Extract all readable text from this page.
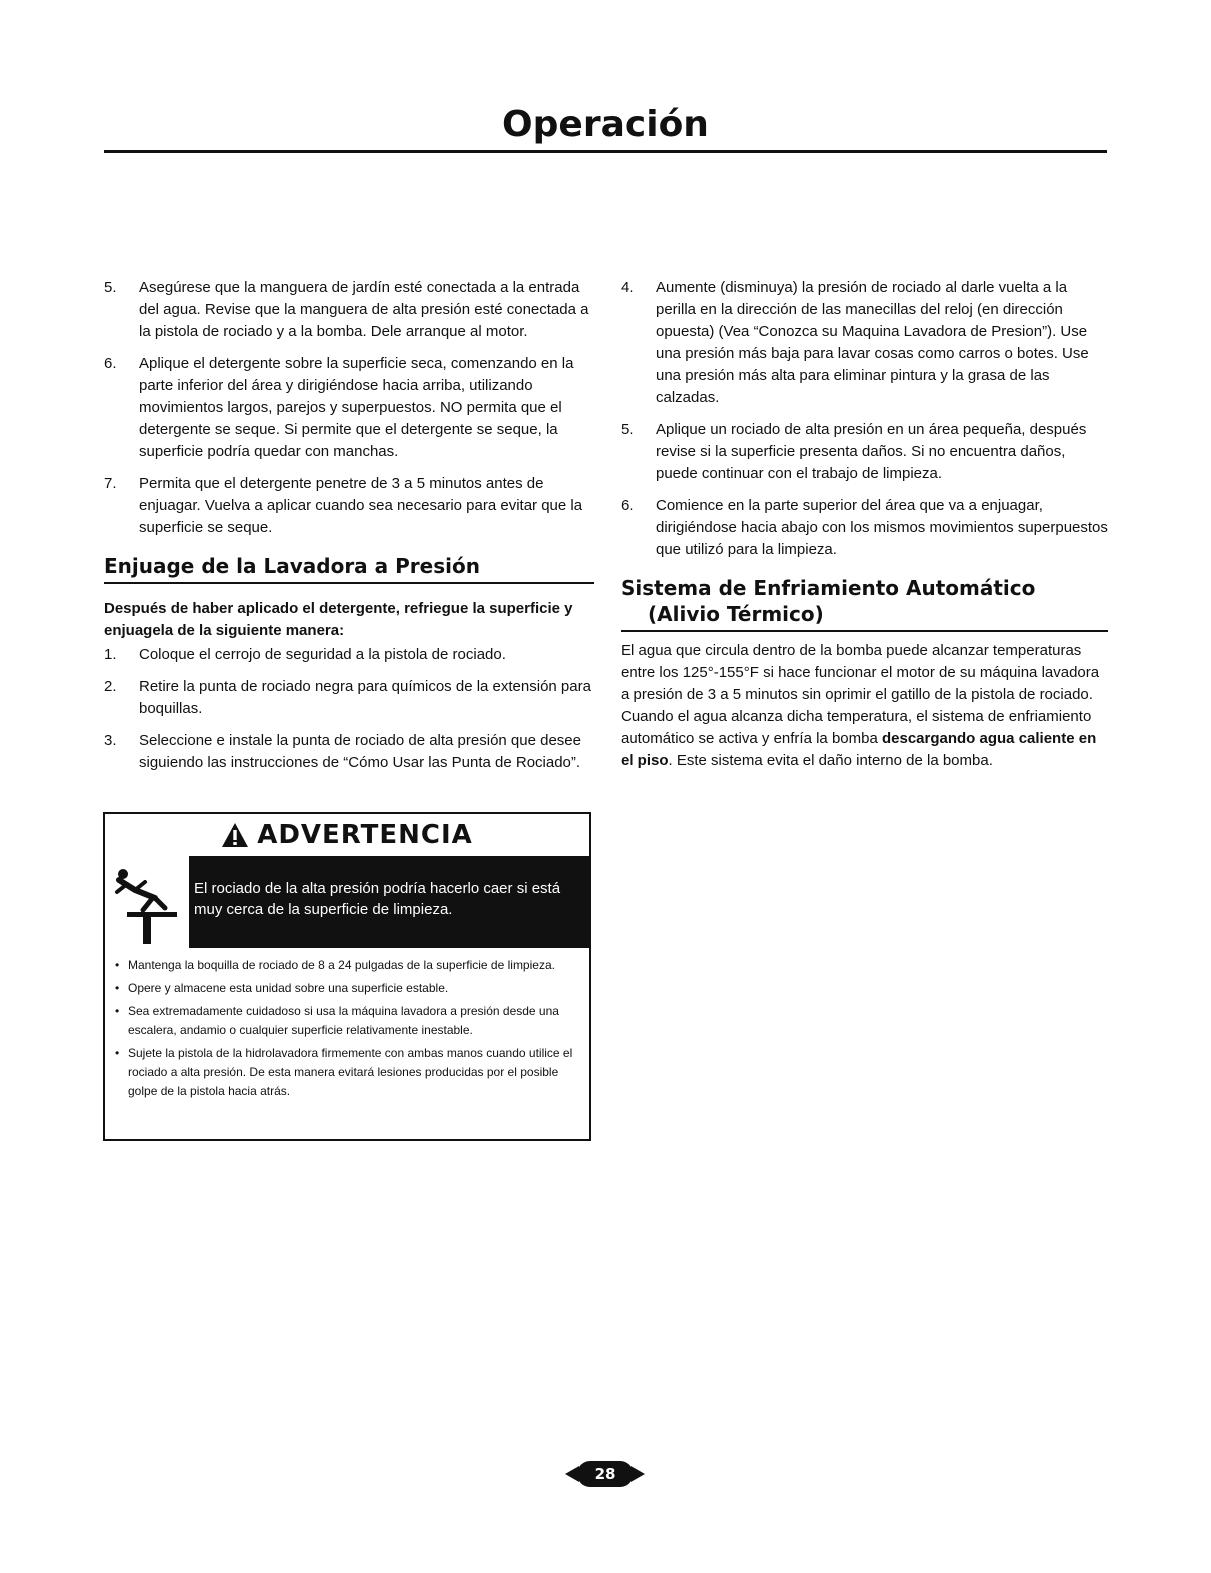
Operación
5. Asegúrese que la manguera de jardín esté conectada a la entrada del agua. Revise que la manguera de alta presión esté conectada a la pistola de rociado y a la bomba. Dele arranque al motor.
6. Aplique el detergente sobre la superficie seca, comenzando en la parte inferior del área y dirigiéndose hacia arriba, utilizando movimientos largos, parejos y superpuestos. NO permita que el detergente se seque. Si permite que el detergente se seque, la superficie podría quedar con manchas.
7. Permita que el detergente penetre de 3 a 5 minutos antes de enjuagar. Vuelva a aplicar cuando sea necesario para evitar que la superficie se seque.
Enjuage de la Lavadora a Presión

Después de haber aplicado el detergente, refriegue la superficie y enjuagela de la siguiente manera:

1. Coloque el cerrojo de seguridad a la pistola de rociado.
2. Retire la punta de rociado negra para químicos de la extensión para boquillas.
3. Seleccione e instale la punta de rociado de alta presión que desee siguiendo las instrucciones de “Cómo Usar las Punta de Rociado”.
ADVERTENCIA
El rociado de la alta presión podría hacerlo caer si está muy cerca de la superficie de limpieza.
• Mantenga la boquilla de rociado de 8 a 24 pulgadas de la superficie de limpieza.
• Opere y almacene esta unidad sobre una superficie estable.
• Sea extremadamente cuidadoso si usa la máquina lavadora a presión desde una escalera, andamio o cualquier superficie relativamente inestable.
• Sujete la pistola de la hidrolavadora firmemente con ambas manos cuando utilice el rociado a alta presión. De esta manera evitará lesiones producidas por el posible golpe de la pistola hacia atrás.
4. Aumente (disminuya) la presión de rociado al darle vuelta a la perilla en la dirección de las manecillas del reloj (en dirección opuesta) (Vea “Conozca su Maquina Lavadora de Presion”). Use una presión más baja para lavar cosas como carros o botes. Use una presión más alta para eliminar pintura y la grasa de las calzadas.
5. Aplique un rociado de alta presión en un área pequeña, después revise si la superficie presenta daños. Si no encuentra daños, puede continuar con el trabajo de limpieza.
6. Comience en la parte superior del área que va a enjuagar, dirigiéndose hacia abajo con los mismos movimientos superpuestos que utilizó para la limpieza.
Sistema de Enfriamiento Automático
(Alivio Térmico)

El agua que circula dentro de la bomba puede alcanzar temperaturas entre los 125°-155°F si hace funcionar el motor de su máquina lavadora a presión de 3 a 5 minutos sin oprimir el gatillo de la pistola de rociado. Cuando el agua alcanza dicha temperatura, el sistema de enfriamiento automático se activa y enfría la bomba descargando agua caliente en el piso. Este sistema evita el daño interno de la bomba.

28
